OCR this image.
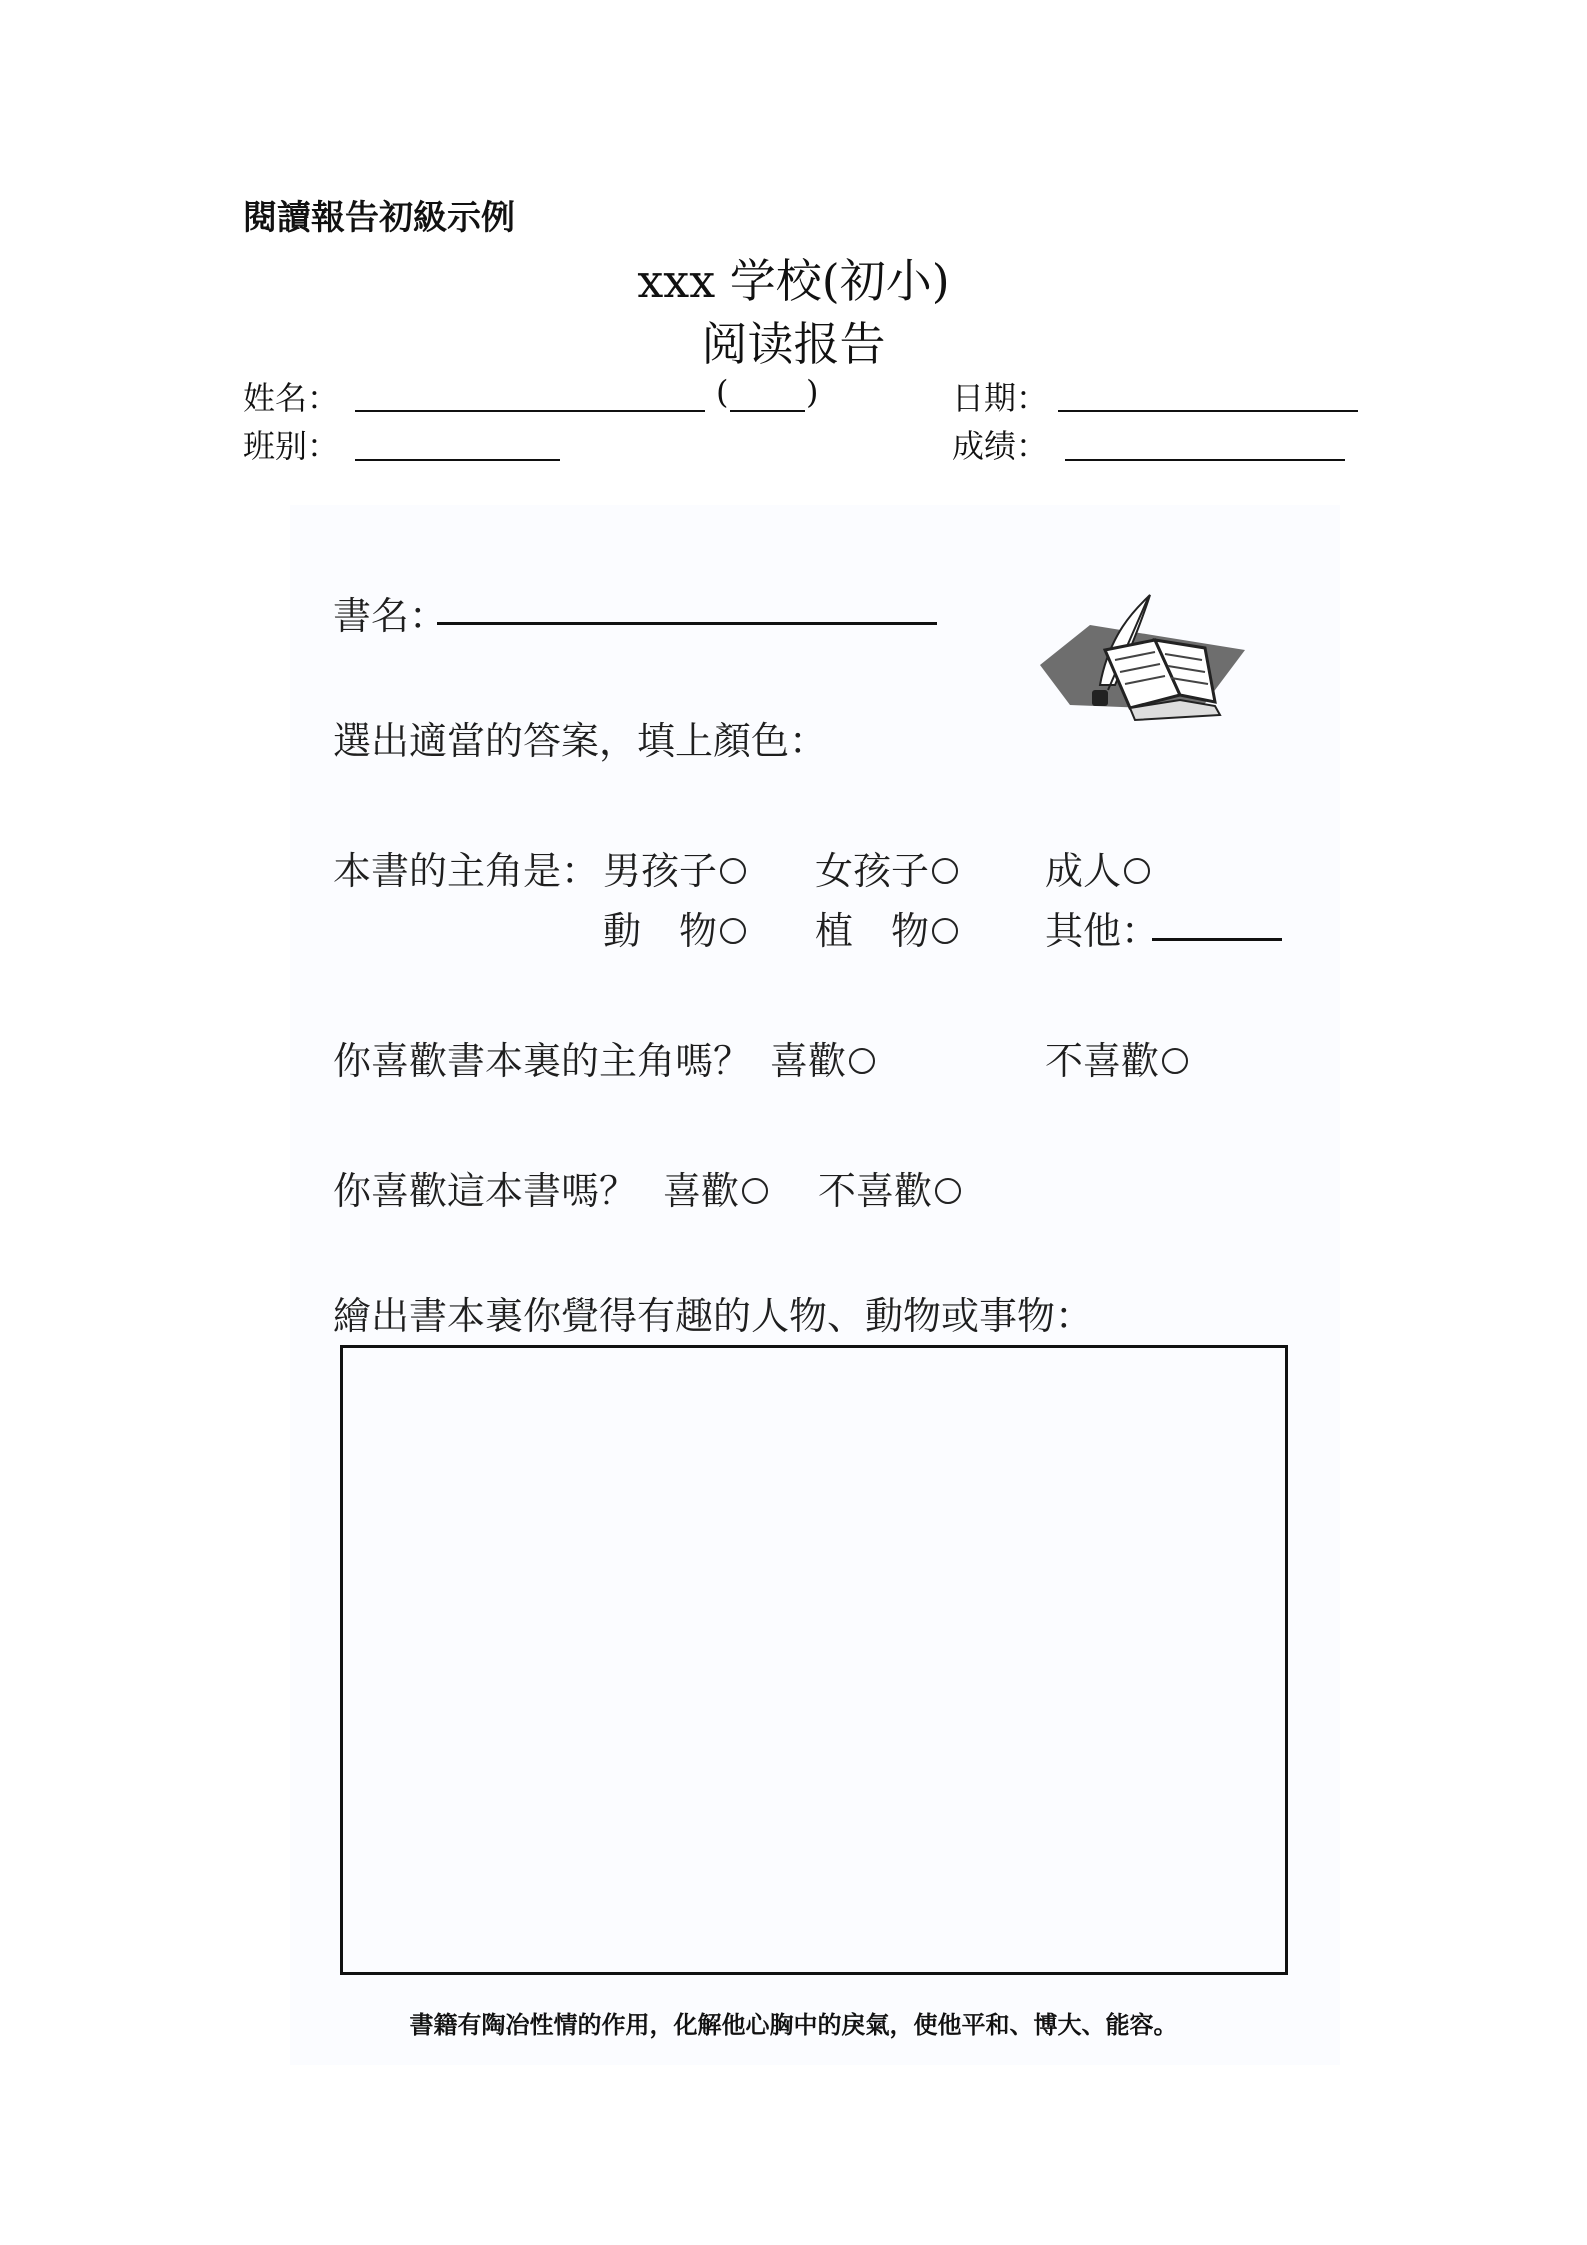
閱讀報告初級示例
xxx 学校(初小)
阅读报告
姓名：	( )	日期：
班别：	成绩：
書名：
選出適當的答案，填上顏色：
本書的主角是： 男孩子	女孩子	成人
動　物	植　物	其他：
你喜歡書本裏的主角嗎？ 喜歡	不喜歡
你喜歡這本書嗎？ 喜歡	不喜歡
繪出書本裏你覺得有趣的人物、動物或事物：
書籍有陶冶性情的作用，化解他心胸中的戾氣，使他平和、博大、能容。
